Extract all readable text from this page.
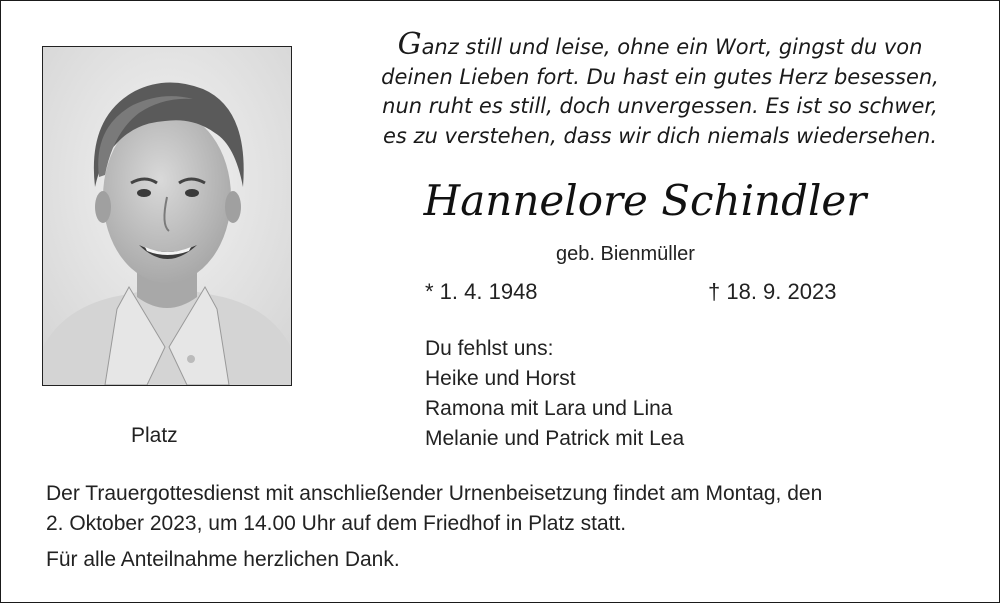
Platz
Ganz still und leise, ohne ein Wort, gingst du von
deinen Lieben fort. Du hast ein gutes Herz besessen,
nun ruht es still, doch unvergessen. Es ist so schwer,
es zu verstehen, dass wir dich niemals wiedersehen.
Hannelore Schindler
geb. Bienmüller
* 1. 4. 1948	† 18. 9. 2023
Du fehlst uns:
Heike und Horst
Ramona mit Lara und Lina
Melanie und Patrick mit Lea
Der Trauergottesdienst mit anschließender Urnenbeisetzung findet am Montag, den
2. Oktober 2023, um 14.00 Uhr auf dem Friedhof in Platz statt.
Für alle Anteilnahme herzlichen Dank.
